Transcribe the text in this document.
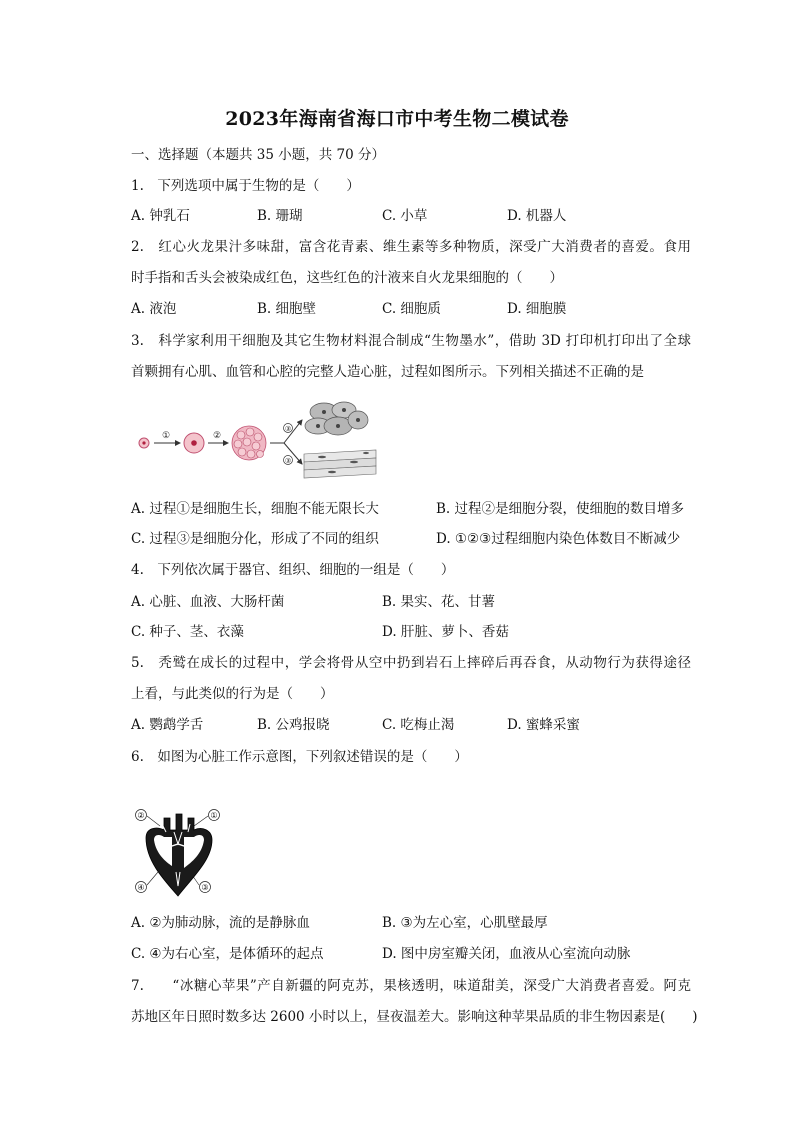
2023年海南省海口市中考生物二模试卷
一、选择题（本题共 35 小题，共 70 分）
1.　下列选项中属于生物的是（　　）
A. 钟乳石	B. 珊瑚	C. 小草	D. 机器人
2.　红心火龙果汁多味甜，富含花青素、维生素等多种物质，深受广大消费者的喜爱。食用
时手指和舌头会被染成红色，这些红色的汁液来自火龙果细胞的（　　）
A. 液泡	B. 细胞壁	C. 细胞质	D. 细胞膜
3.　科学家利用干细胞及其它生物材料混合制成“生物墨水”，借助 3D 打印机打印出了全球
首颗拥有心肌、血管和心腔的完整人造心脏，过程如图所示。下列相关描述不正确的是
①	②
③
③
A. 过程①是细胞生长，细胞不能无限长大	B. 过程②是细胞分裂，使细胞的数目增多
C. 过程③是细胞分化，形成了不同的组织	D. ①②③过程细胞内染色体数目不断减少
4.　下列依次属于器官、组织、细胞的一组是（　　）
A. 心脏、血液、大肠杆菌	B. 果实、花、甘薯
C. 种子、茎、衣藻	D. 肝脏、萝卜、香菇
5.　秃鹫在成长的过程中，学会将骨从空中扔到岩石上摔碎后再吞食，从动物行为获得途径
上看，与此类似的行为是（　　）
A. 鹦鹉学舌	B. 公鸡报晓	C. 吃梅止渴	D. 蜜蜂采蜜
6.　如图为心脏工作示意图，下列叙述错误的是（　　）
②	①
④	③
A. ②为肺动脉，流的是静脉血	B. ③为左心室，心肌壁最厚
C. ④为右心室，是体循环的起点	D. 图中房室瓣关闭，血液从心室流向动脉
7.　　“冰糖心苹果”产自新疆的阿克苏，果核透明，味道甜美，深受广大消费者喜爱。阿克
苏地区年日照时数多达 2600 小时以上，昼夜温差大。影响这种苹果品质的非生物因素是(　　)
